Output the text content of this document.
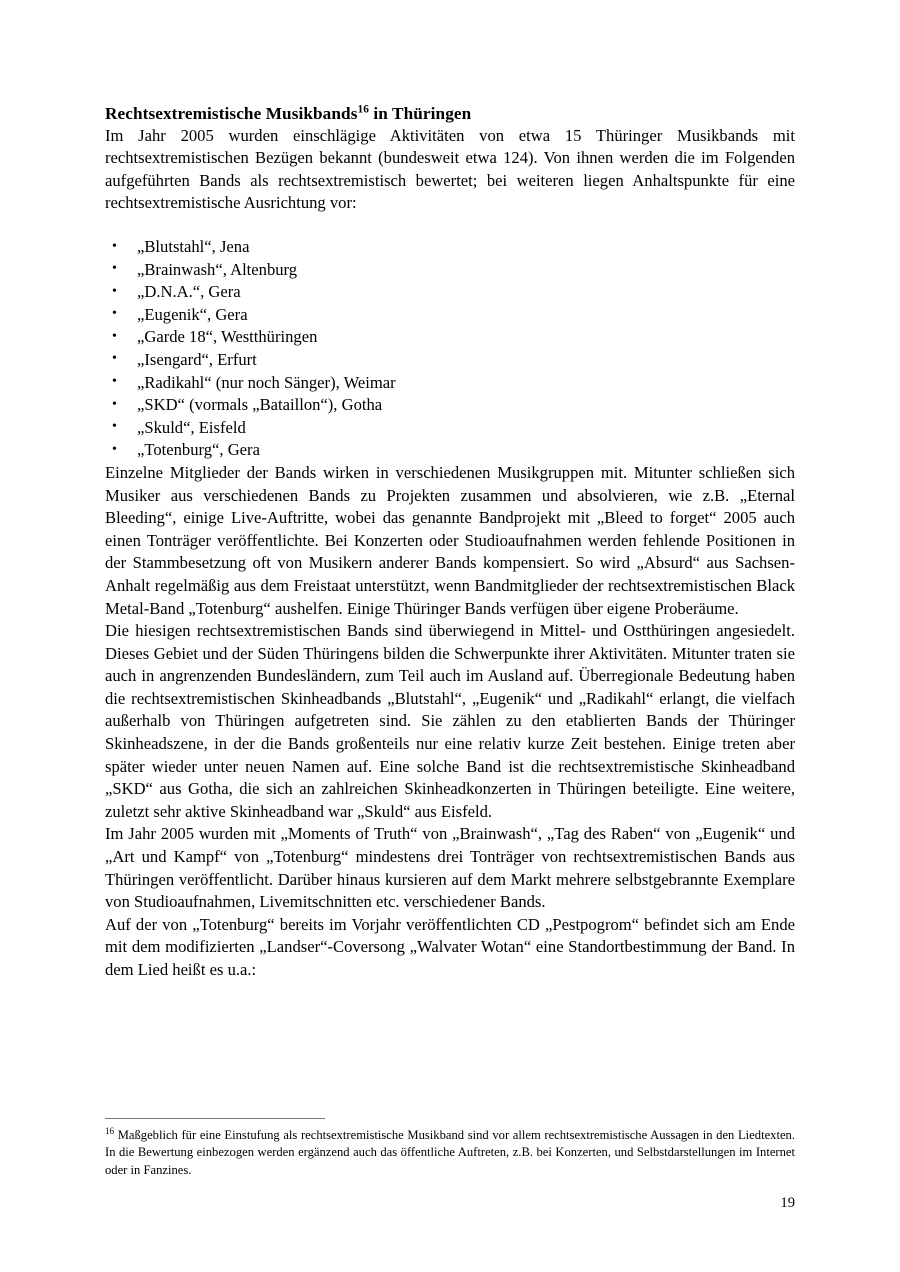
Rechtsextremistische Musikbands$^{16}$ in Thüringen

Im Jahr 2005 wurden einschlägige Aktivitäten von etwa 15 Thüringer Musikbands mit rechtsextremistischen Bezügen bekannt (bundesweit etwa 124). Von ihnen werden die im Folgenden aufgeführten Bands als rechtsextremistisch bewertet; bei weiteren liegen Anhaltspunkte für eine rechtsextremistische Ausrichtung vor:

• „Blutstahl“, Jena
• „Brainwash“, Altenburg
• „D.N.A.“, Gera
• „Eugenik“, Gera
• „Garde 18“, Westthüringen
• „Isengard“, Erfurt
• „Radikahl“ (nur noch Sänger), Weimar
• „SKD“ (vormals „Bataillon“), Gotha
• „Skuld“, Eisfeld
• „Totenburg“, Gera

Einzelne Mitglieder der Bands wirken in verschiedenen Musikgruppen mit. Mitunter schließen sich Musiker aus verschiedenen Bands zu Projekten zusammen und absolvieren, wie z.B. „Eternal Bleeding“, einige Live-Auftritte, wobei das genannte Bandprojekt mit „Bleed to forget“ 2005 auch einen Tonträger veröffentlichte. Bei Konzerten oder Studioaufnahmen werden fehlende Positionen in der Stammbesetzung oft von Musikern anderer Bands kompensiert. So wird „Absurd“ aus Sachsen-Anhalt regelmäßig aus dem Freistaat unterstützt, wenn Bandmitglieder der rechtsextremistischen Black Metal-Band „Totenburg“ aushelfen. Einige Thüringer Bands verfügen über eigene Proberäume.

Die hiesigen rechtsextremistischen Bands sind überwiegend in Mittel- und Ostthüringen angesiedelt. Dieses Gebiet und der Süden Thüringens bilden die Schwerpunkte ihrer Aktivitäten. Mitunter traten sie auch in angrenzenden Bundesländern, zum Teil auch im Ausland auf. Überregionale Bedeutung haben die rechtsextremistischen Skinheadbands „Blutstahl“, „Eugenik“ und „Radikahl“ erlangt, die vielfach außerhalb von Thüringen aufgetreten sind. Sie zählen zu den etablierten Bands der Thüringer Skinheadszene, in der die Bands großenteils nur eine relativ kurze Zeit bestehen. Einige treten aber später wieder unter neuen Namen auf. Eine solche Band ist die rechtsextremistische Skinheadband „SKD“ aus Gotha, die sich an zahlreichen Skinheadkonzerten in Thüringen beteiligte. Eine weitere, zuletzt sehr aktive Skinheadband war „Skuld“ aus Eisfeld.

Im Jahr 2005 wurden mit „Moments of Truth“ von „Brainwash“, „Tag des Raben“ von „Eugenik“ und „Art und Kampf“ von „Totenburg“ mindestens drei Tonträger von rechtsextremistischen Bands aus Thüringen veröffentlicht. Darüber hinaus kursieren auf dem Markt mehrere selbstgebrannte Exemplare von Studioaufnahmen, Livemitschnitten etc. verschiedener Bands.

Auf der von „Totenburg“ bereits im Vorjahr veröffentlichten CD „Pestpogrom“ befindet sich am Ende mit dem modifizierten „Landser“-Coversong „Walvater Wotan“ eine Standortbestimmung der Band. In dem Lied heißt es u.a.:

$^{16}$ Maßgeblich für eine Einstufung als rechtsextremistische Musikband sind vor allem rechtsextremistische Aussagen in den Liedtexten. In die Bewertung einbezogen werden ergänzend auch das öffentliche Auftreten, z.B. bei Konzerten, und Selbstdarstellungen im Internet oder in Fanzines.

19
